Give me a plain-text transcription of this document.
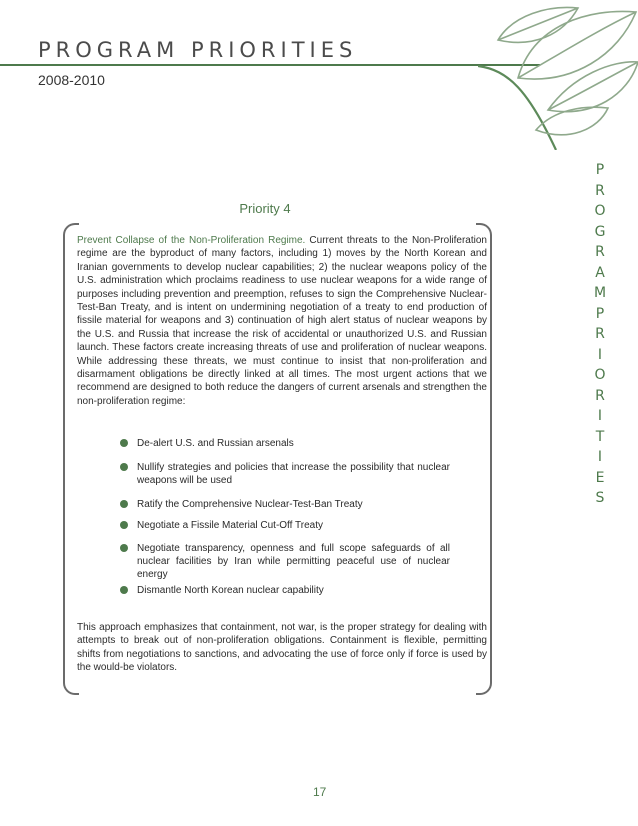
PROGRAM PRIORITIES
2008-2010
P
R
O
G
R
A
M
P
R
I
O
R
I
T
I
E
S
Priority 4

Prevent Collapse of the Non-Proliferation Regime. Current threats to the Non-Proliferation regime are the byproduct of many factors, including 1) moves by the North Korean and Iranian governments to develop nuclear capabilities; 2) the nuclear weapons policy of the U.S. administration which proclaims readiness to use nuclear weapons for a wide range of purposes including prevention and preemption, refuses to sign the Comprehensive Nuclear-Test-Ban Treaty, and is intent on undermining negotiation of a treaty to end production of fissile material for weapons and 3) continuation of high alert status of nuclear weapons by the U.S. and Russia that increase the risk of accidental or unauthorized U.S. and Russian launch. These factors create increasing threats of use and proliferation of nuclear weapons. While addressing these threats, we must continue to insist that non-proliferation and disarmament obligations be directly linked at all times. The most urgent actions that we recommend are designed to both reduce the dangers of current arsenals and strengthen the non-proliferation regime:

De-alert U.S. and Russian arsenals
Nullify strategies and policies that increase the possibility that nuclear weapons will be used
Ratify the Comprehensive Nuclear-Test-Ban Treaty
Negotiate a Fissile Material Cut-Off Treaty
Negotiate transparency, openness and full scope safeguards of all nuclear facilities by Iran while permitting peaceful use of nuclear energy
Dismantle North Korean nuclear capability

This approach emphasizes that containment, not war, is the proper strategy for dealing with attempts to break out of non-proliferation obligations. Containment is flexible, permitting shifts from negotiations to sanctions, and advocating the use of force only if force is used by the would-be violators.

17
